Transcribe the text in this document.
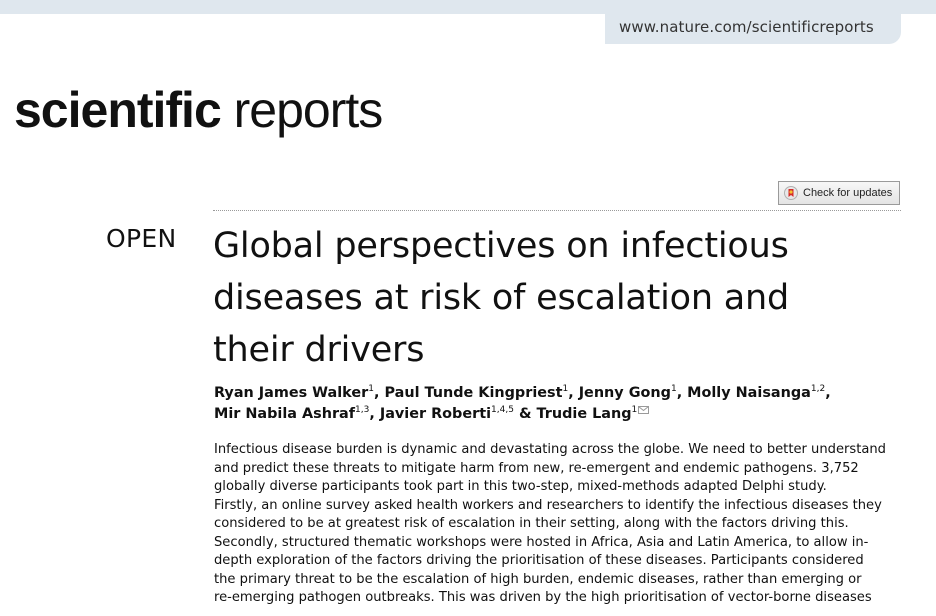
www.nature.com/scientificreports
scientific reports
Check for updates
OPEN Global perspectives on infectious
diseases at risk of escalation and
their drivers
Ryan James Walker$^1$, Paul Tunde Kingpriest$^1$, Jenny Gong$^1$, Molly Naisanga$^{1,2}$,
Mir Nabila Ashraf$^{1,3}$, Javier Roberti$^{1,4,5}$ & Trudie Lang$^1$
Infectious disease burden is dynamic and devastating across the globe. We need to better understand
and predict these threats to mitigate harm from new, re-emergent and endemic pathogens. 3,752
globally diverse participants took part in this two-step, mixed-methods adapted Delphi study.
Firstly, an online survey asked health workers and researchers to identify the infectious diseases they
considered to be at greatest risk of escalation in their setting, along with the factors driving this.
Secondly, structured thematic workshops were hosted in Africa, Asia and Latin America, to allow in-
depth exploration of the factors driving the prioritisation of these diseases. Participants considered
the primary threat to be the escalation of high burden, endemic diseases, rather than emerging or
re-emerging pathogen outbreaks. This was driven by the high prioritisation of vector-borne diseases
